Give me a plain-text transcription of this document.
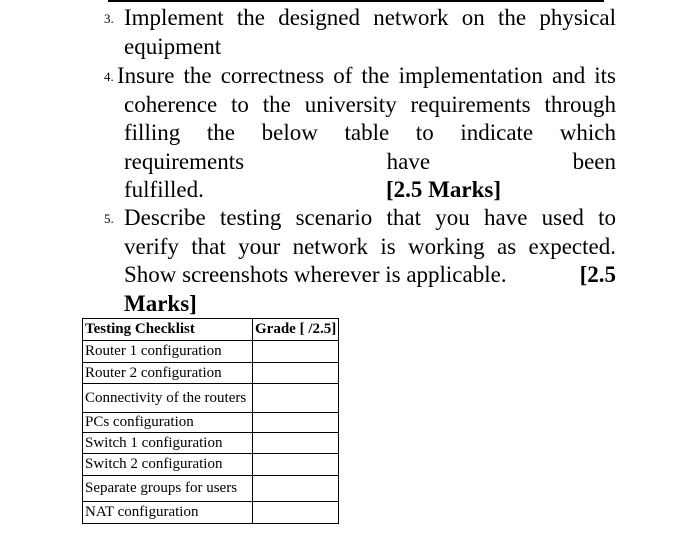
3. Implement the designed network on the physical
equipment
4. Insure the correctness of the implementation and its
coherence to the university requirements through
filling the below table to indicate which
requirements	have	been
fulfilled.	[2.5 Marks]
5. Describe testing scenario that you have used to
verify that your network is working as expected.
Show screenshots wherever is applicable.	[2.5
Marks]
Testing Checklist	Grade [ /2.5]
Router 1 configuration	
Router 2 configuration	
Connectivity of the routers	
PCs configuration	
Switch 1 configuration	
Switch 2 configuration	
Separate groups for users	
NAT configuration	
